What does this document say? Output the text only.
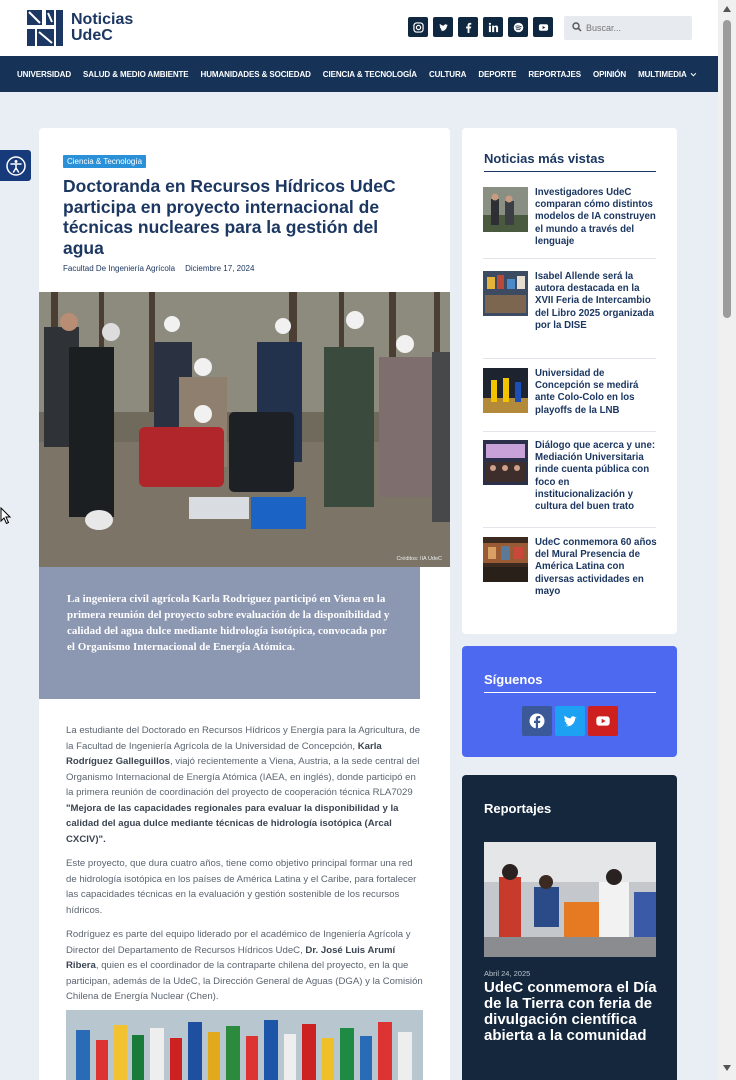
Noticias
UdeC
Buscar...
UNIVERSIDAD SALUD & MEDIO AMBIENTE HUMANIDADES & SOCIEDAD CIENCIA & TECNOLOGÍA CULTURA DEPORTE REPORTAJES OPINIÓN MULTIMEDIA
Ciencia & Tecnología
Doctoranda en Recursos Hídricos UdeC participa en proyecto internacional de técnicas nucleares para la gestión del agua
Facultad De Ingeniería Agrícola Diciembre 17, 2024
Créditos: IIA UdeC

La ingeniera civil agrícola Karla Rodríguez participó en Viena en la primera reunión del proyecto sobre evaluación de la disponibilidad y calidad del agua dulce mediante hidrología isotópica, convocada por el Organismo Internacional de Energía Atómica.

La estudiante del Doctorado en Recursos Hídricos y Energía para la Agricultura, de la Facultad de Ingeniería Agrícola de la Universidad de Concepción, Karla Rodríguez Galleguillos, viajó recientemente a Viena, Austria, a la sede central del Organismo Internacional de Energía Atómica (IAEA, en inglés), donde participó en la primera reunión de coordinación del proyecto de cooperación técnica RLA7029 "Mejora de las capacidades regionales para evaluar la disponibilidad y la calidad del agua dulce mediante técnicas de hidrología isotópica (Arcal CXCIV)".

Este proyecto, que dura cuatro años, tiene como objetivo principal formar una red de hidrología isotópica en los países de América Latina y el Caribe, para fortalecer las capacidades técnicas en la evaluación y gestión sostenible de los recursos hídricos.

Rodríguez es parte del equipo liderado por el académico de Ingeniería Agrícola y Director del Departamento de Recursos Hídricos UdeC, Dr. José Luis Arumí Ribera, quien es el coordinador de la contraparte chilena del proyecto, en la que participan, además de la UdeC, la Dirección General de Aguas (DGA) y la Comisión Chilena de Energía Nuclear (Chen).

Noticias más vistas
Investigadores UdeC comparan cómo distintos modelos de IA construyen el mundo a través del lenguaje
Isabel Allende será la autora destacada en la XVII Feria de Intercambio del Libro 2025 organizada por la DISE
Universidad de Concepción se medirá ante Colo-Colo en los playoffs de la LNB
Diálogo que acerca y une: Mediación Universitaria rinde cuenta pública con foco en institucionalización y cultura del buen trato
UdeC conmemora 60 años del Mural Presencia de América Latina con diversas actividades en mayo
Síguenos
Reportajes
Abril 24, 2025
UdeC conmemora el Día de la Tierra con feria de divulgación científica abierta a la comunidad
